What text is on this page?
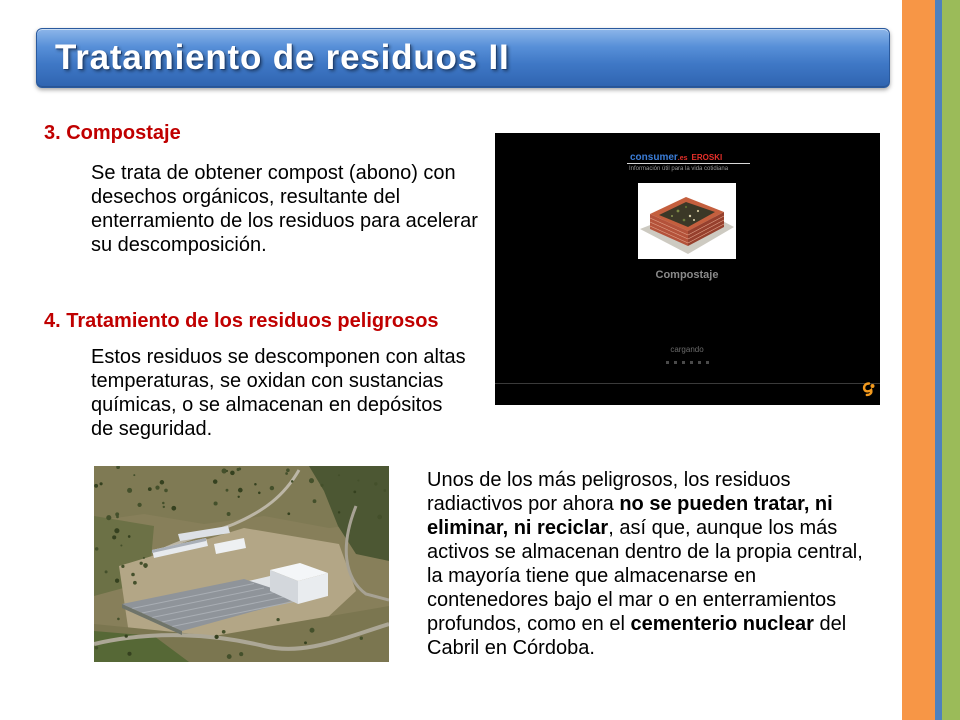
Tratamiento de residuos II
3. Compostaje
Se trata de obtener compost (abono) con
desechos orgánicos, resultante del
enterramiento de los residuos para acelerar
su descomposición.
4. Tratamiento de los residuos peligrosos
Estos residuos se descomponen con altas
temperaturas, se oxidan con sustancias
químicas, o se almacenan en depósitos
de seguridad.
consumer.es EROSKI
Información útil para la vida cotidiana
Compostaje
cargando
Unos de los más peligrosos, los residuos
radiactivos por ahora no se pueden tratar, ni
eliminar, ni reciclar, así que, aunque los más
activos se almacenan dentro de la propia central,
la mayoría tiene que almacenarse en
contenedores bajo el mar o en enterramientos
profundos, como en el cementerio nuclear del
Cabril en Córdoba.
